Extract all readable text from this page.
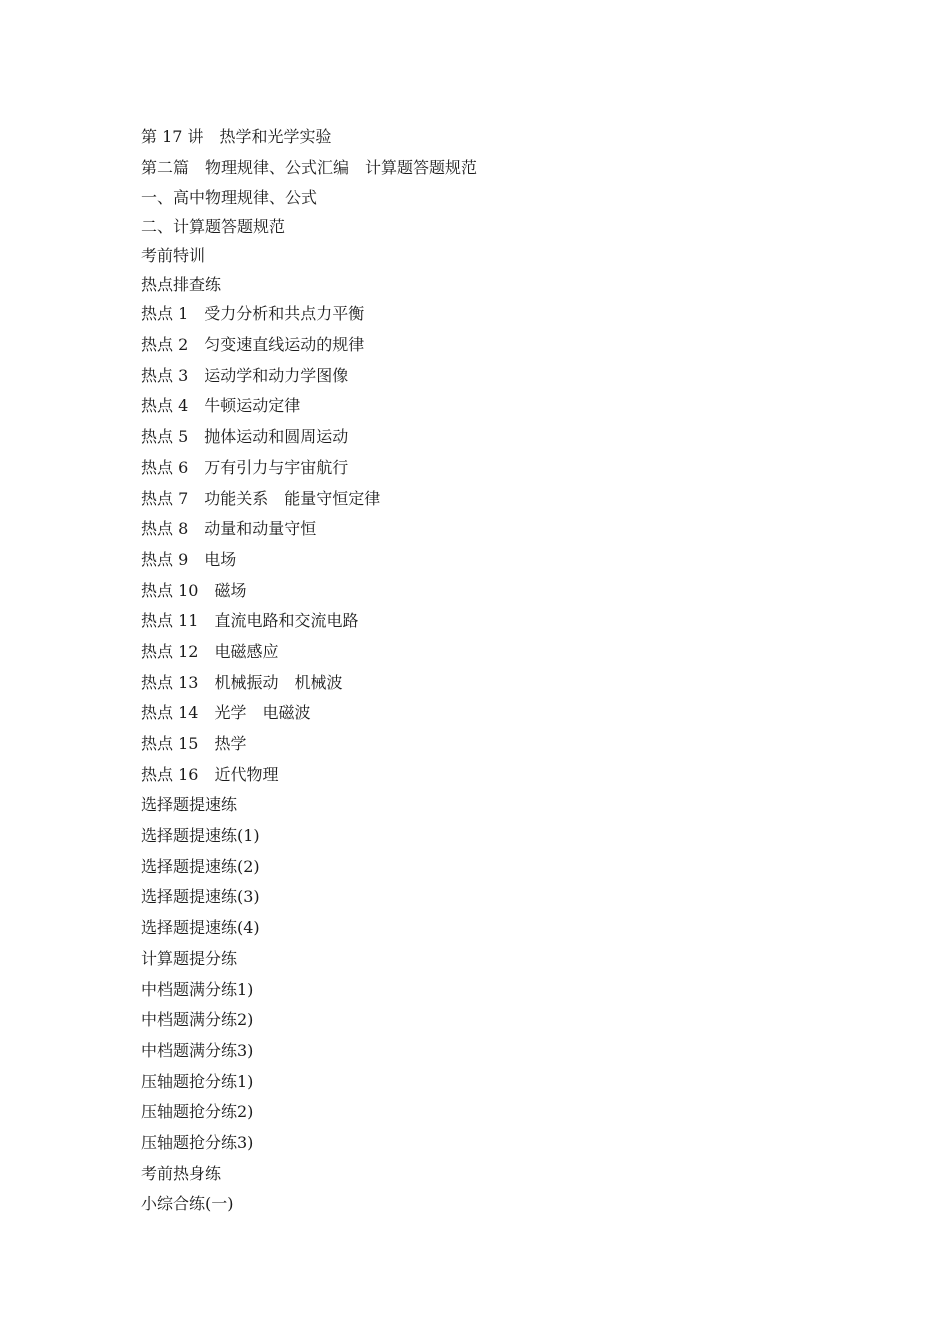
第 17 讲　热学和光学实验
第二篇　物理规律、公式汇编　计算题答题规范
一、高中物理规律、公式
二、计算题答题规范
考前特训
热点排查练
热点 1　受力分析和共点力平衡
热点 2　匀变速直线运动的规律
热点 3　运动学和动力学图像
热点 4　牛顿运动定律
热点 5　抛体运动和圆周运动
热点 6　万有引力与宇宙航行
热点 7　功能关系　能量守恒定律
热点 8　动量和动量守恒
热点 9　电场
热点 10　磁场
热点 11　直流电路和交流电路
热点 12　电磁感应
热点 13　机械振动　机械波
热点 14　光学　电磁波
热点 15　热学
热点 16　近代物理
选择题提速练
选择题提速练(1)
选择题提速练(2)
选择题提速练(3)
选择题提速练(4)
计算题提分练
中档题满分练1)
中档题满分练2)
中档题满分练3)
压轴题抢分练1)
压轴题抢分练2)
压轴题抢分练3)
考前热身练
小综合练(一)
